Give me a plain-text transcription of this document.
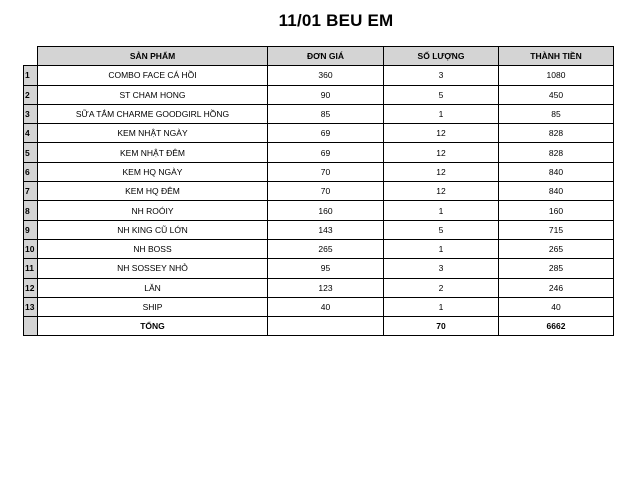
11/01 BEU EM
	SẢN PHẨM	ĐƠN GIÁ	SỐ LƯỢNG	THÀNH TIỀN
1	COMBO FACE CÁ HỒI	360	3	1080
2	ST CHAM HONG	90	5	450
3	SỮA TẮM CHARME GOODGIRL HỒNG	85	1	85
4	KEM NHẬT NGÀY	69	12	828
5	KEM NHẬT ĐÊM	69	12	828
6	KEM HQ NGÀY	70	12	840
7	KEM HQ ĐÊM	70	12	840
8	NH ROÓIY	160	1	160
9	NH KING CŨ LỚN	143	5	715
10	NH BOSS	265	1	265
11	NH SOSSEY NHỎ	95	3	285
12	LĂN	123	2	246
13	SHIP	40	1	40
	TỔNG		70	6662
